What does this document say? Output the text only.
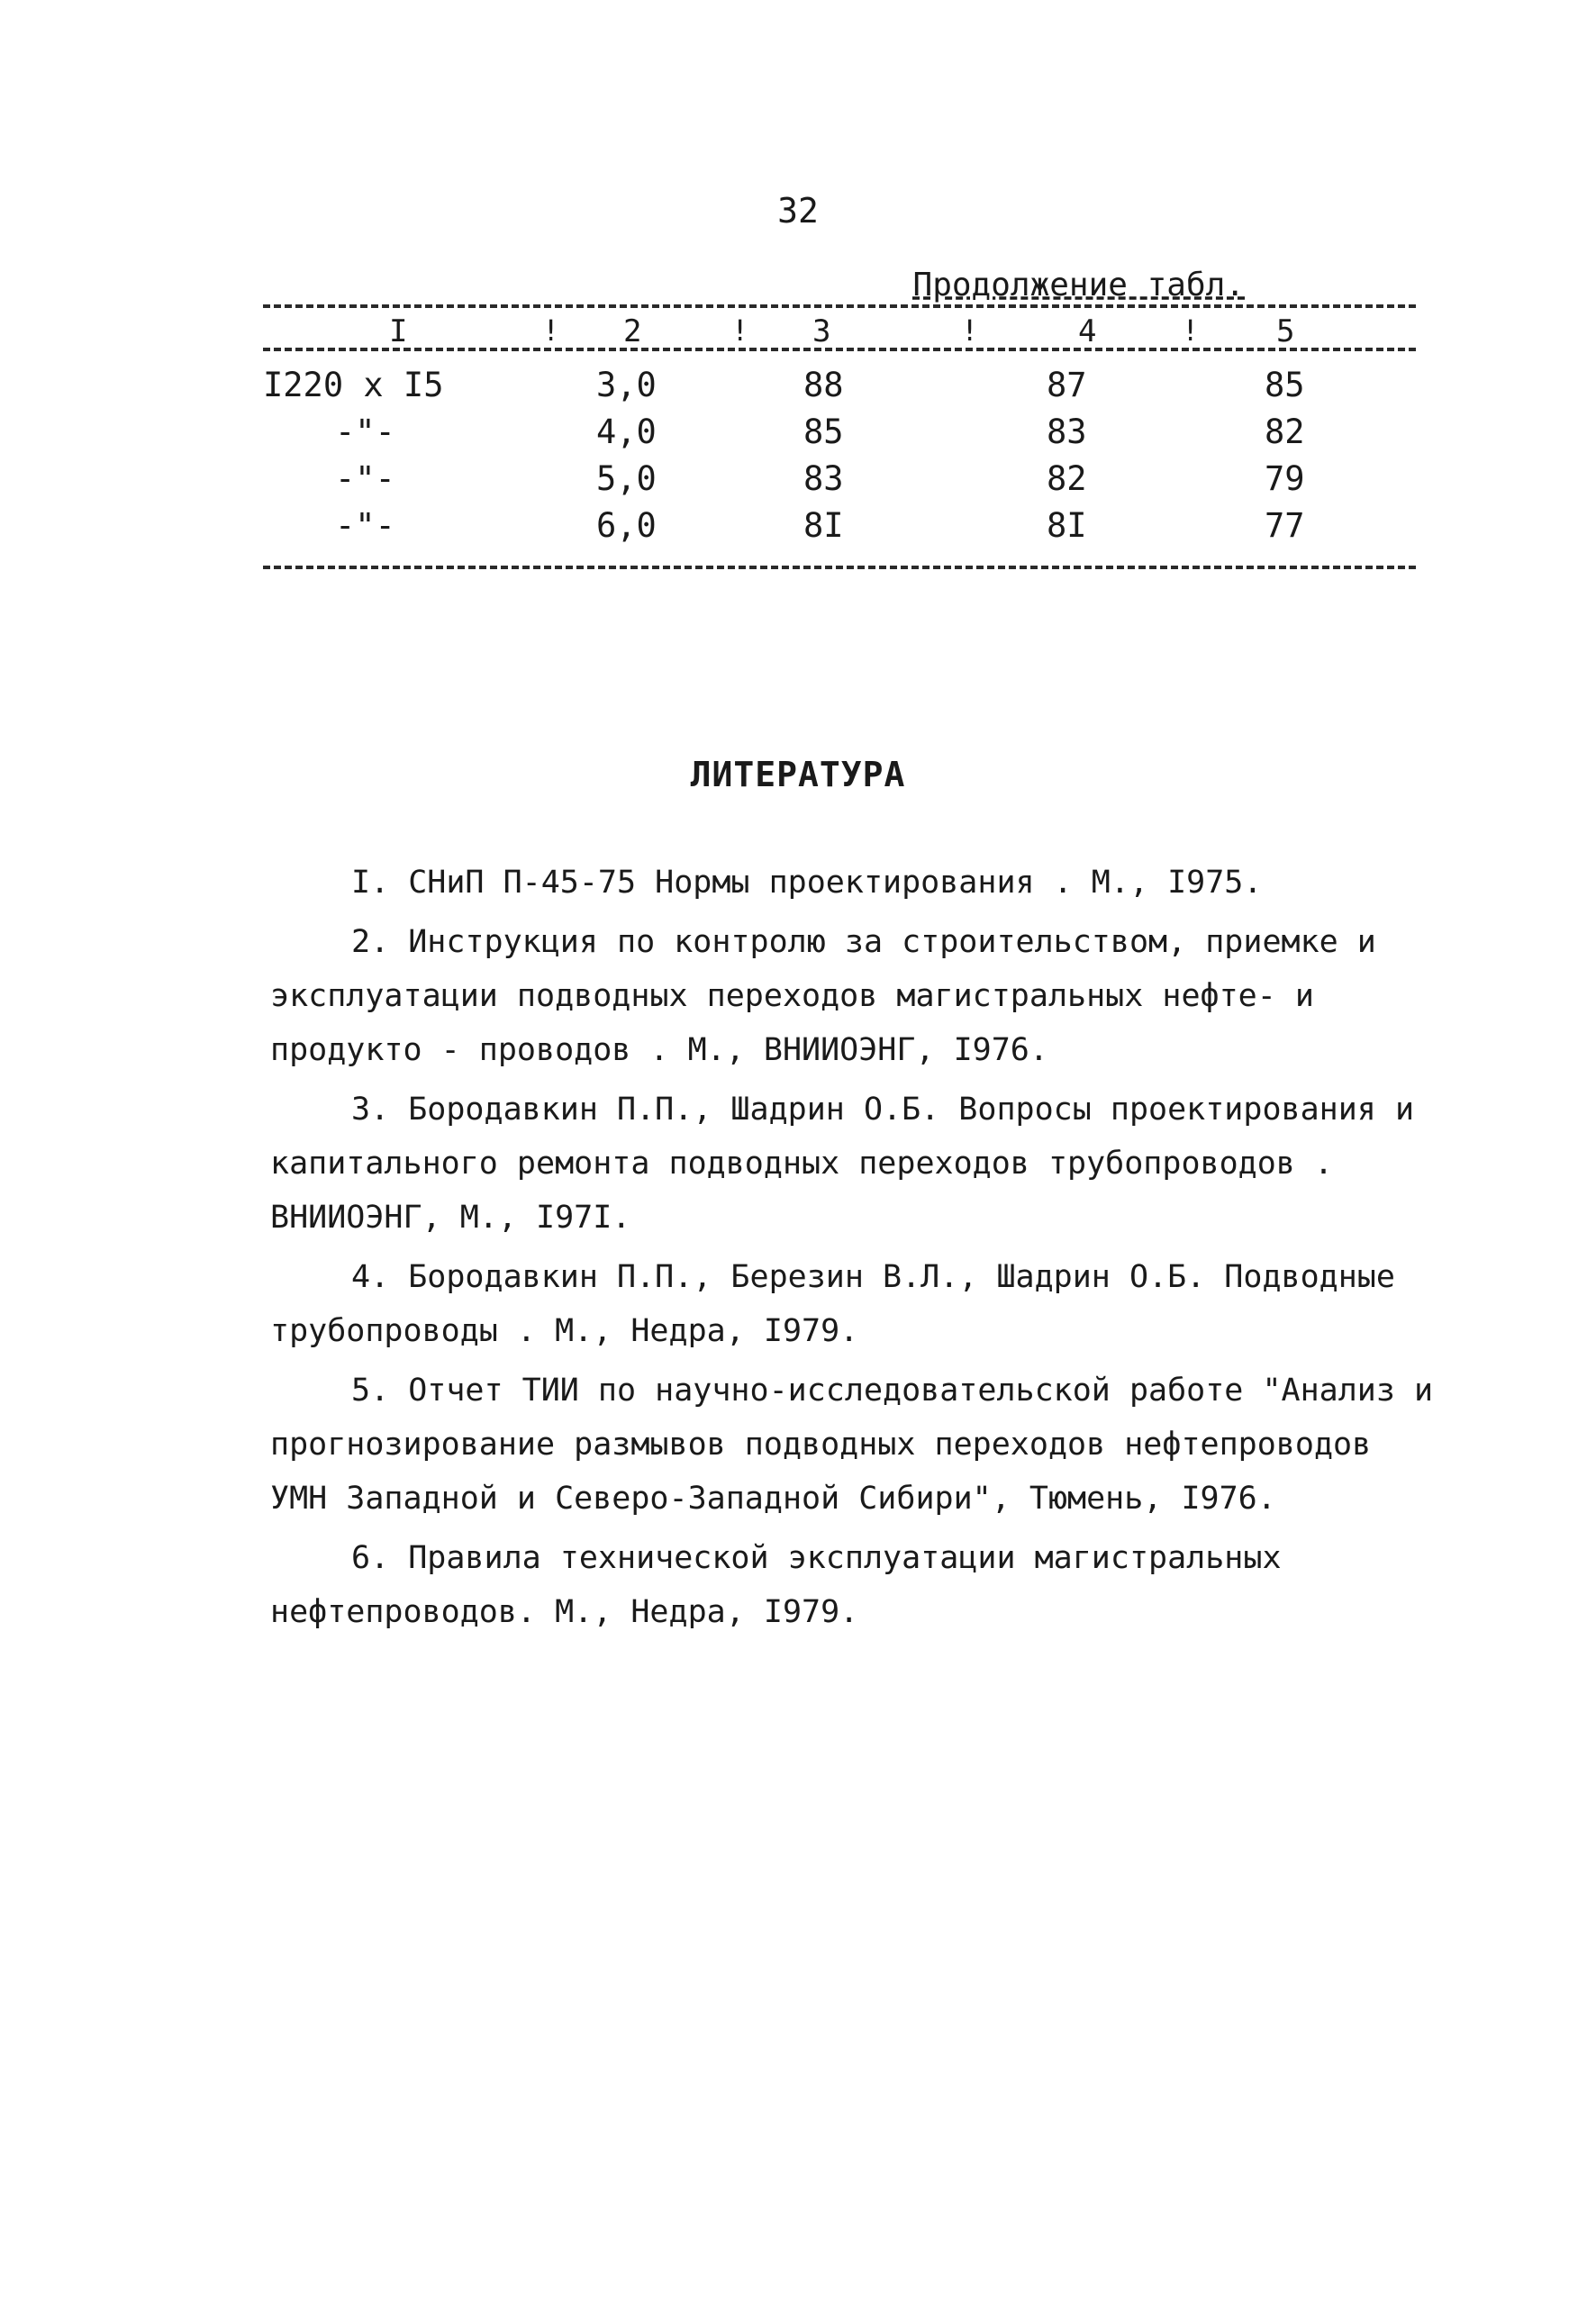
32
Продолжение табл.
I	! 2	! 3	!	4	!	5
I220 x I5	3,0	88	87	85
-"-	4,0	85	83	82
-"-	5,0	83	82	79
-"-	6,0	8I	8I	77
ЛИТЕРАТУРА

I. СНиП П-45-75 Нормы проектирования . М., I975.

2. Инструкция по контролю за строительством, приемке и эксплуатации подводных переходов магистральных нефте- и продукто - проводов . М., ВНИИОЭНГ, I976.

3. Бородавкин П.П., Шадрин О.Б. Вопросы проектирования и капитального ремонта подводных переходов трубопроводов . ВНИИОЭНГ, М., I97I.

4. Бородавкин П.П., Березин В.Л., Шадрин О.Б. Подводные трубопроводы . М., Недра, I979.

5. Отчет ТИИ по научно-исследовательской работе "Анализ и прогнозирование размывов подводных переходов нефтепроводов УМН Западной и Северо-Западной Сибири", Тюмень, I976.

6. Правила технической эксплуатации магистральных нефтепроводов. М., Недра, I979.
